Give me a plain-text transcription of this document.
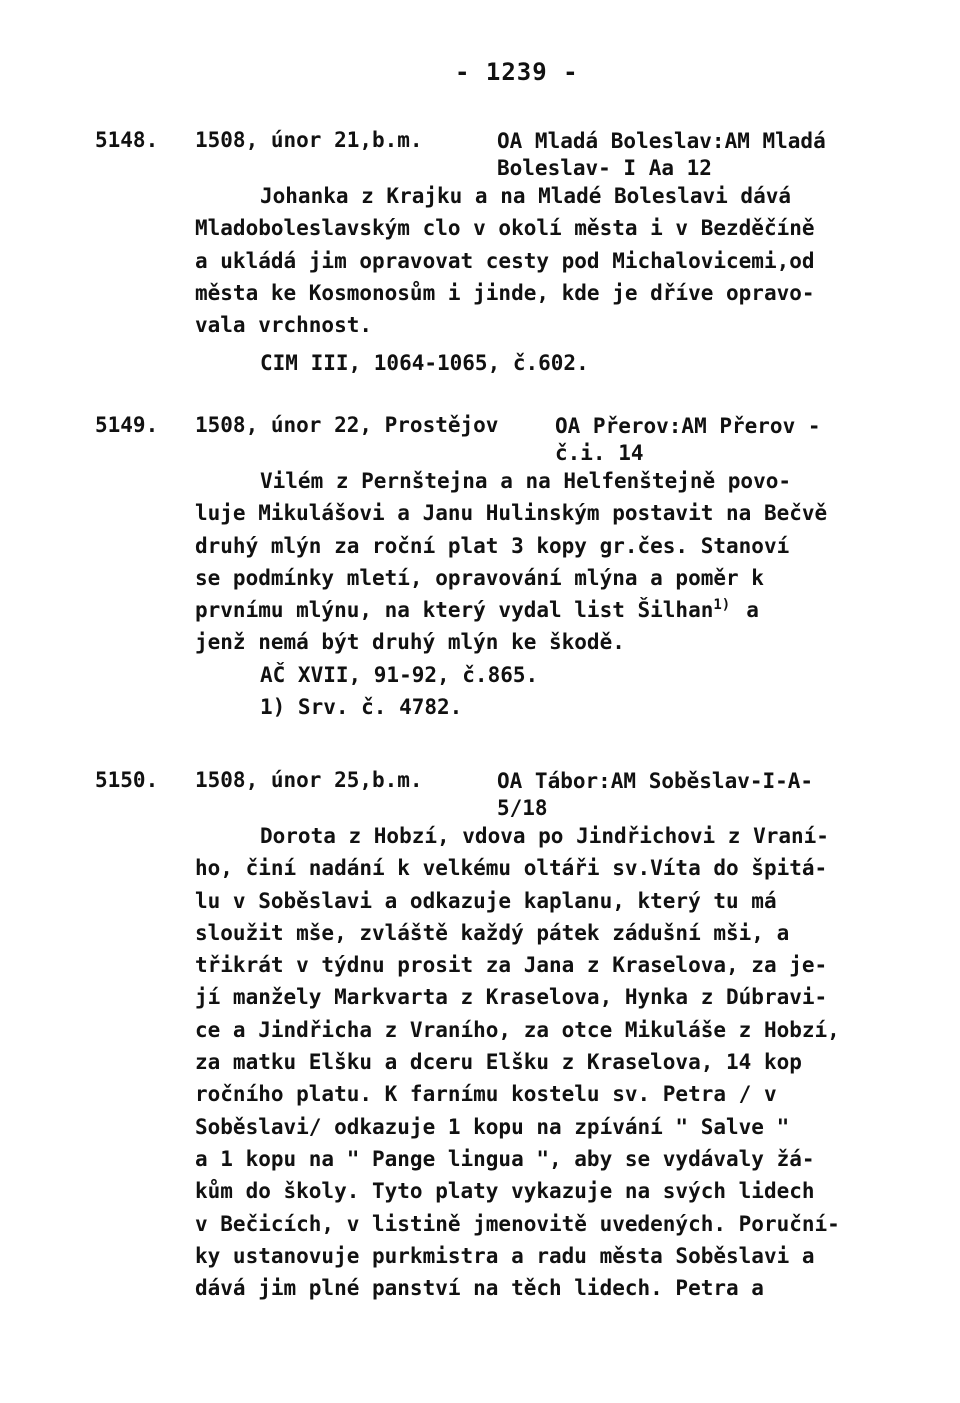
- 1239 -
5148. 1508, únor 21,b.m.	OA Mladá Boleslav:AM Mladá
Boleslav- I Aa 12
Johanka z Krajku a na Mladé Boleslavi dává
Mladoboleslavským clo v okolí města i v Bezděčíně
a ukládá jim opravovat cesty pod Michalovicemi,od
města ke Kosmonosům i jinde, kde je dříve opravo-
vala vrchnost.
CIM III, 1064-1065, č.602.
5149. 1508, únor 22, Prostějov	OA Přerov:AM Přerov -
č.i. 14
Vilém z Pernštejna a na Helfenštejně povo-
luje Mikulášovi a Janu Hulinským postavit na Bečvě
druhý mlýn za roční plat 3 kopy gr.čes. Stanoví
se podmínky mletí, opravování mlýna a poměr k
prvnímu mlýnu, na který vydal list Šilhan$^{1)}$ a
jenž nemá být druhý mlýn ke škodě.
AČ XVII, 91-92, č.865.
1) Srv. č. 4782.
5150. 1508, únor 25,b.m.	OA Tábor:AM Soběslav-I-A-
5/18
Dorota z Hobzí, vdova po Jindřichovi z Vraní-
ho, činí nadání k velkému oltáři sv.Víta do špitá-
lu v Soběslavi a odkazuje kaplanu, který tu má
sloužit mše, zvláště každý pátek zádušní mši, a
třikrát v týdnu prosit za Jana z Kraselova, za je-
jí manžely Markvarta z Kraselova, Hynka z Dúbravi-
ce a Jindřicha z Vraního, za otce Mikuláše z Hobzí,
za matku Elšku a dceru Elšku z Kraselova, 14 kop
ročního platu. K farnímu kostelu sv. Petra / v
Soběslavi/ odkazuje 1 kopu na zpívání " Salve "
a 1 kopu na " Pange lingua ", aby se vydávaly žá-
kům do školy. Tyto platy vykazuje na svých lidech
v Bečicích, v listině jmenovitě uvedených. Poruční-
ky ustanovuje purkmistra a radu města Soběslavi a
dává jim plné panství na těch lidech. Petra a
